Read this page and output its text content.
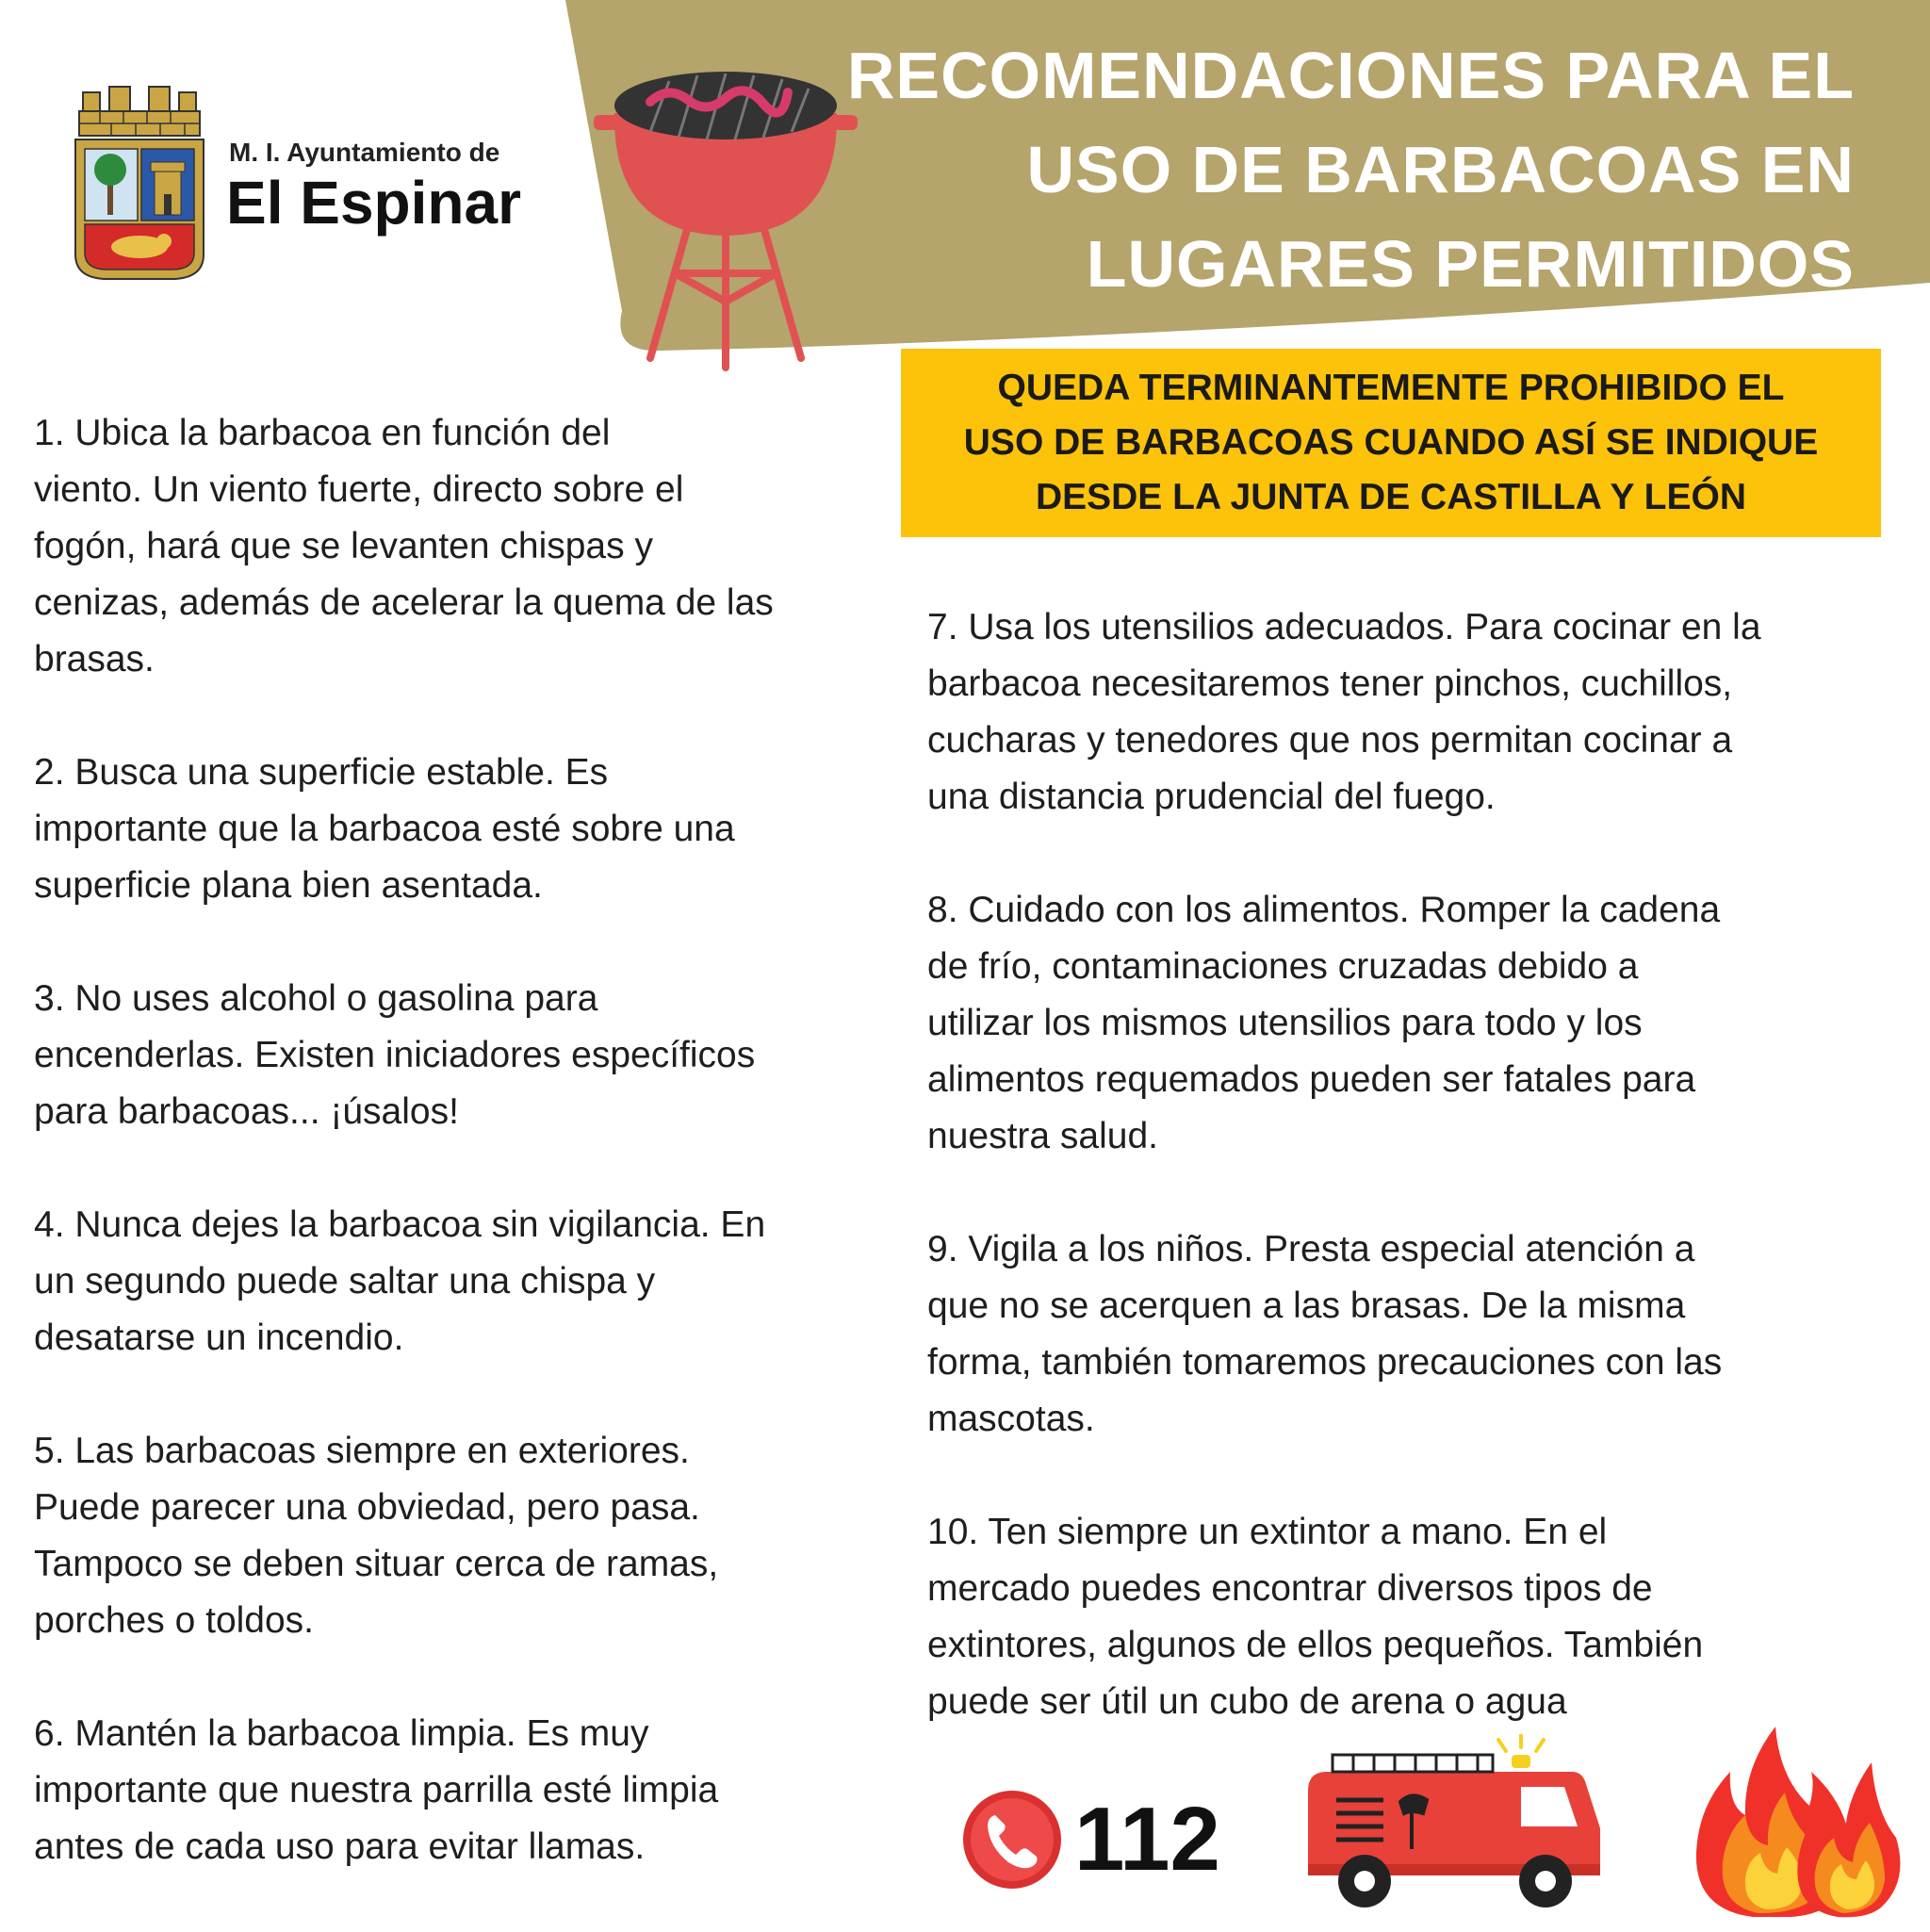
RECOMENDACIONES PARA EL
USO DE BARBACOAS EN
LUGARES PERMITIDOS
M. I. Ayuntamiento de
El Espinar
QUEDA TERMINANTEMENTE PROHIBIDO EL
USO DE BARBACOAS CUANDO ASÍ SE INDIQUE
DESDE LA JUNTA DE CASTILLA Y LEÓN
1. Ubica la barbacoa en función del
viento. Un viento fuerte, directo sobre el
fogón, hará que se levanten chispas y
cenizas, además de acelerar la quema de las
brasas.
2. Busca una superficie estable. Es
importante que la barbacoa esté sobre una
superficie plana bien asentada.
3. No uses alcohol o gasolina para
encenderlas. Existen iniciadores específicos
para barbacoas... ¡úsalos!
4. Nunca dejes la barbacoa sin vigilancia. En
un segundo puede saltar una chispa y
desatarse un incendio.
5. Las barbacoas siempre en exteriores.
Puede parecer una obviedad, pero pasa.
Tampoco se deben situar cerca de ramas,
porches o toldos.
6. Mantén la barbacoa limpia. Es muy
importante que nuestra parrilla esté limpia
antes de cada uso para evitar llamas.
7. Usa los utensilios adecuados. Para cocinar en la
barbacoa necesitaremos tener pinchos, cuchillos,
cucharas y tenedores que nos permitan cocinar a
una distancia prudencial del fuego.
8. Cuidado con los alimentos. Romper la cadena
de frío, contaminaciones cruzadas debido a
utilizar los mismos utensilios para todo y los
alimentos requemados pueden ser fatales para
nuestra salud.
9. Vigila a los niños. Presta especial atención a
que no se acerquen a las brasas. De la misma
forma, también tomaremos precauciones con las
mascotas.
10. Ten siempre un extintor a mano. En el
mercado puedes encontrar diversos tipos de
extintores, algunos de ellos pequeños. También
puede ser útil un cubo de arena o agua
112
